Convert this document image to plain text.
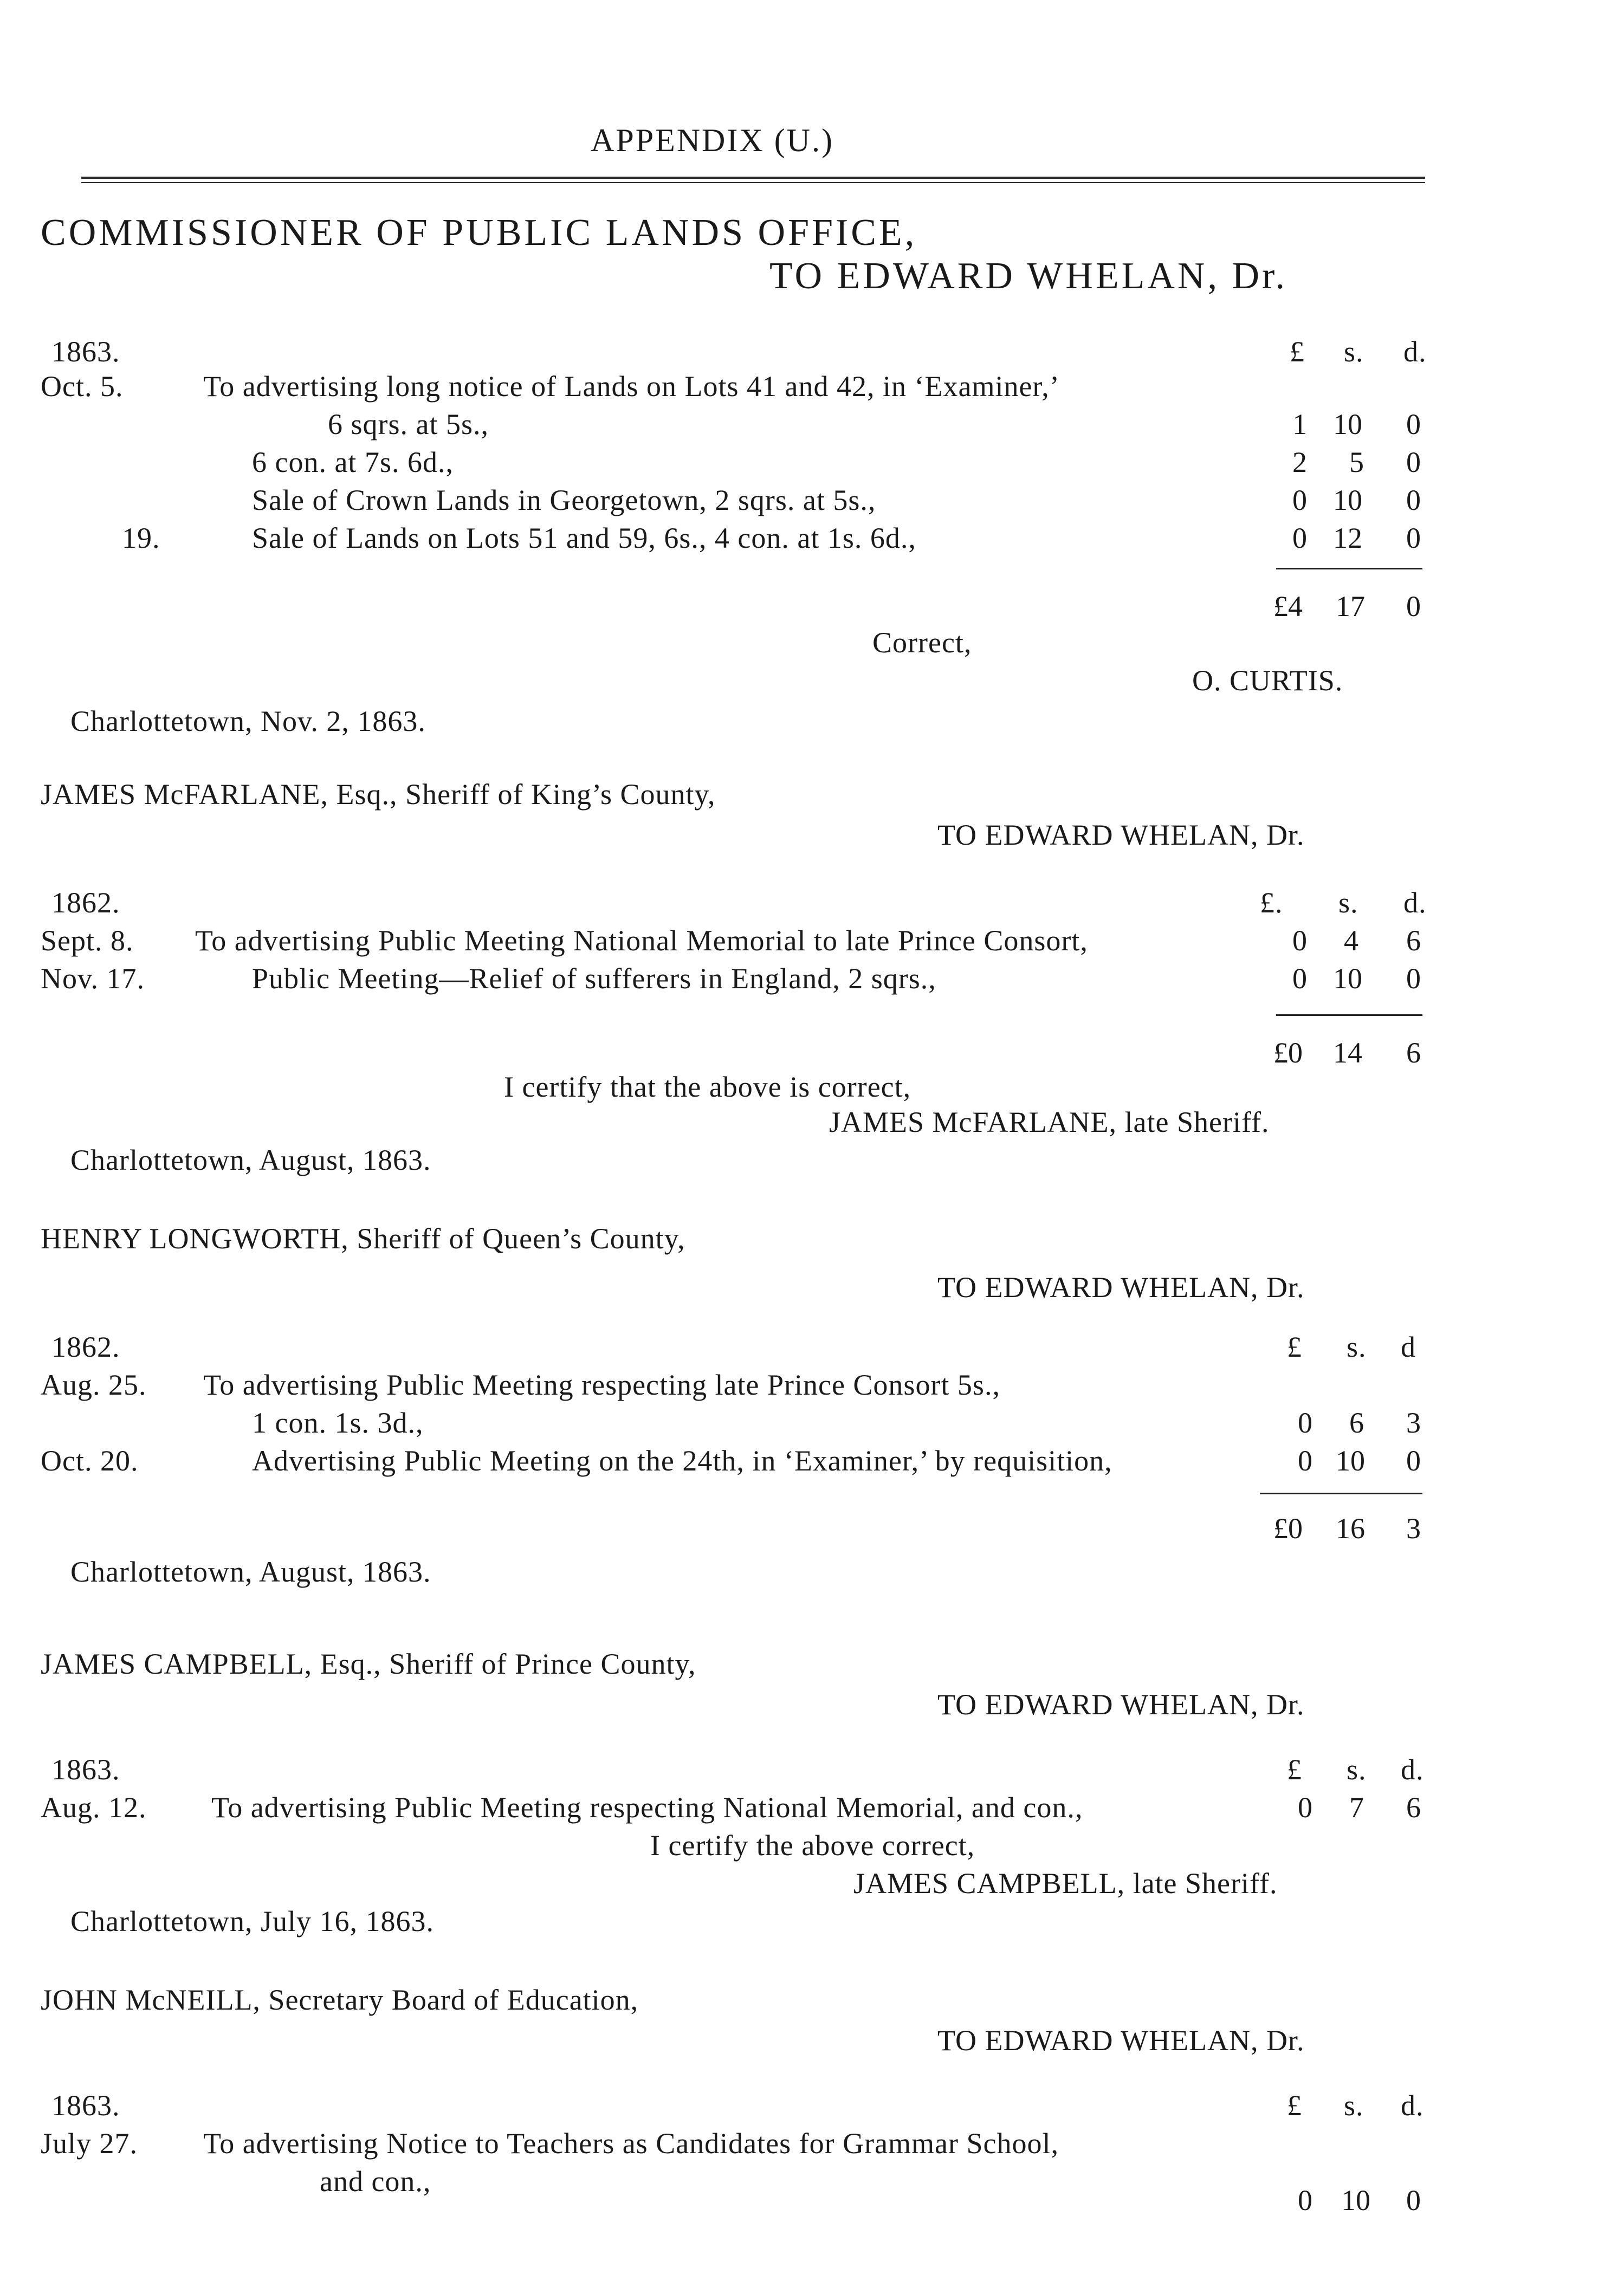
APPENDIX (U.)
COMMISSIONER OF PUBLIC LANDS OFFICE,
TO EDWARD WHELAN, Dr.
1863.	£ s. d.
Oct. 5.	To advertising long notice of Lands on Lots 41 and 42, in ‘Examiner,’
6 sqrs. at 5s.,	1 10 0
6 con. at 7s. 6d.,	2 5 0
Sale of Crown Lands in Georgetown, 2 sqrs. at 5s.,	0 10 0
19.	Sale of Lands on Lots 51 and 59, 6s., 4 con. at 1s. 6d.,	0 12 0
£4 17 0
Correct,
O. CURTIS.
Charlottetown, Nov. 2, 1863.
JAMES McFARLANE, Esq., Sheriff of King’s County,
TO EDWARD WHELAN, Dr.
1862.	£. s. d.
Sept. 8. To advertising Public Meeting National Memorial to late Prince Consort,	0 4 6
Nov. 17.	Public Meeting—Relief of sufferers in England, 2 sqrs.,	0 10 0
£0 14 6
I certify that the above is correct,
JAMES McFARLANE, late Sheriff.
Charlottetown, August, 1863.
HENRY LONGWORTH, Sheriff of Queen’s County,
TO EDWARD WHELAN, Dr.
1862.	£ s. d
Aug. 25. To advertising Public Meeting respecting late Prince Consort 5s.,
1 con. 1s. 3d.,	0 6 3
Oct. 20.	Advertising Public Meeting on the 24th, in ‘Examiner,’ by requisition,	0 10 0
£0 16 3
Charlottetown, August, 1863.
JAMES CAMPBELL, Esq., Sheriff of Prince County,
TO EDWARD WHELAN, Dr.
1863.	£ s. d.
Aug. 12. To advertising Public Meeting respecting National Memorial, and con.,	0 7 6
I certify the above correct,
JAMES CAMPBELL, late Sheriff.
Charlottetown, July 16, 1863.
JOHN McNEILL, Secretary Board of Education,
TO EDWARD WHELAN, Dr.
1863.	£ s. d.
July 27. To advertising Notice to Teachers as Candidates for Grammar School,
and con.,
0 10 0
